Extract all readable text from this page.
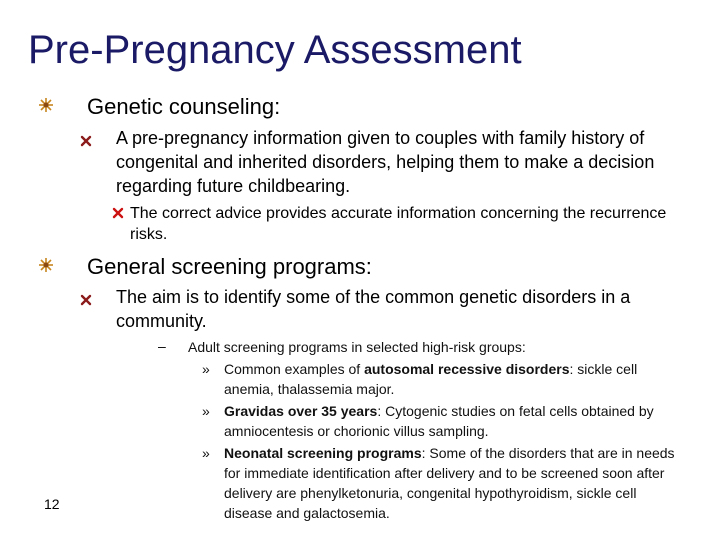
Pre-Pregnancy Assessment
Genetic counseling:
A pre-pregnancy information given to couples with family history of congenital and inherited disorders, helping them to make a decision regarding future childbearing.
The correct advice provides accurate information concerning the recurrence risks.
General screening programs:
The aim is to identify some of the common genetic disorders in a community.
– Adult screening programs in selected high-risk groups:
» Common examples of autosomal recessive disorders: sickle cell anemia, thalassemia major.
» Gravidas over 35 years: Cytogenic studies on fetal cells obtained by amniocentesis or chorionic villus sampling.
» Neonatal screening programs: Some of the disorders that are in needs for immediate identification after delivery and to be screened soon after delivery are phenylketonuria, congenital hypothyroidism, sickle cell disease and galactosemia.
12
